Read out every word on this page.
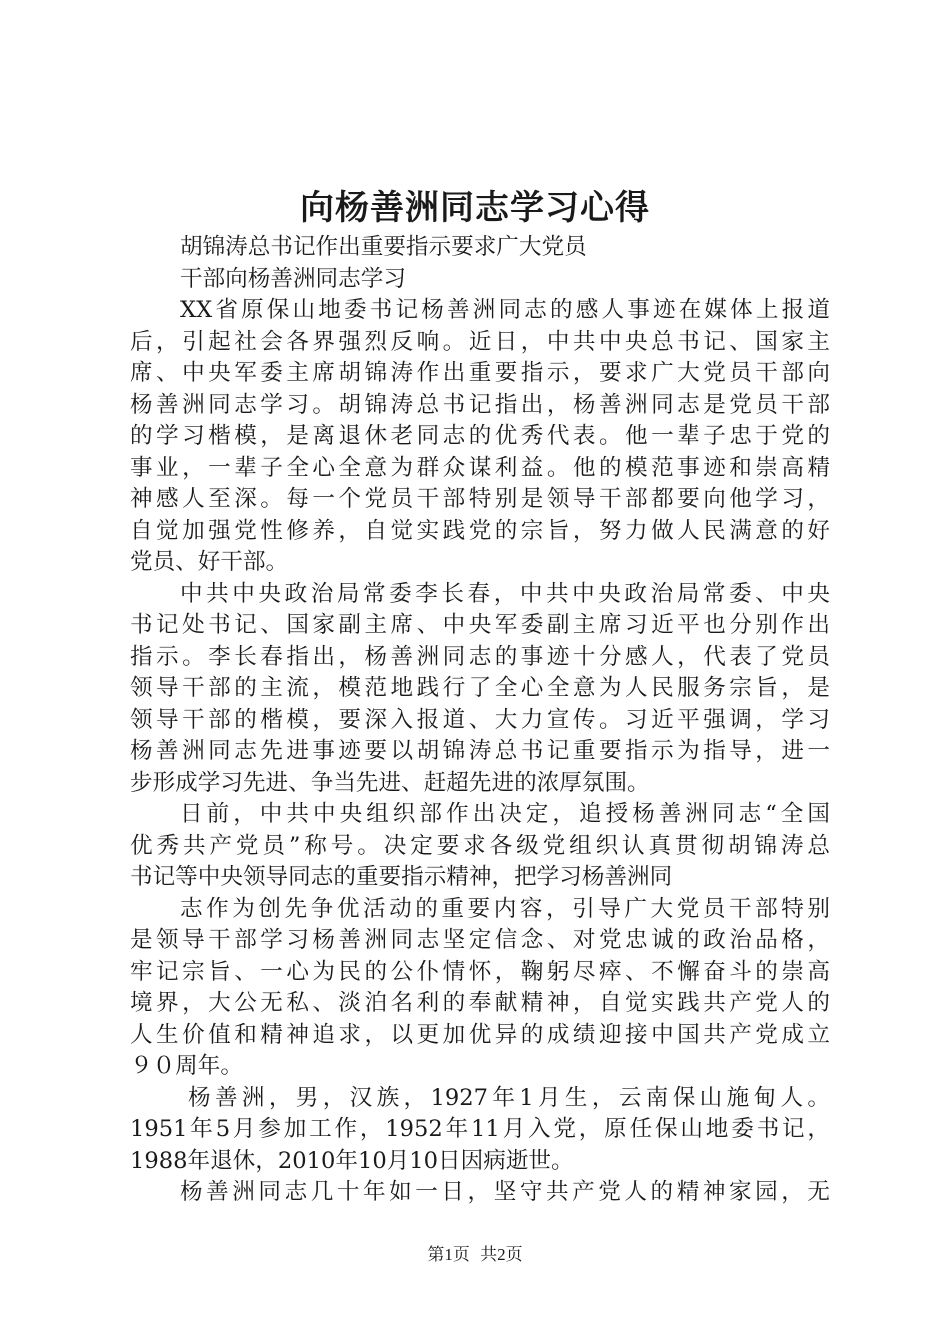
向杨善洲同志学习心得
胡锦涛总书记作出重要指示要求广大党员
干部向杨善洲同志学习
XX省原保山地委书记杨善洲同志的感人事迹在媒体上报道
后，引起社会各界强烈反响。近日，中共中央总书记、国家主
席、中央军委主席胡锦涛作出重要指示，要求广大党员干部向
杨善洲同志学习。胡锦涛总书记指出，杨善洲同志是党员干部
的学习楷模，是离退休老同志的优秀代表。他一辈子忠于党的
事业，一辈子全心全意为群众谋利益。他的模范事迹和崇高精
神感人至深。每一个党员干部特别是领导干部都要向他学习，
自觉加强党性修养，自觉实践党的宗旨，努力做人民满意的好
党员、好干部。
中共中央政治局常委李长春，中共中央政治局常委、中央
书记处书记、国家副主席、中央军委副主席习近平也分别作出
指示。李长春指出，杨善洲同志的事迹十分感人，代表了党员
领导干部的主流，模范地践行了全心全意为人民服务宗旨，是
领导干部的楷模，要深入报道、大力宣传。习近平强调，学习
杨善洲同志先进事迹要以胡锦涛总书记重要指示为指导，进一
步形成学习先进、争当先进、赶超先进的浓厚氛围。
日前，中共中央组织部作出决定，追授杨善洲同志“全国
优秀共产党员”称号。决定要求各级党组织认真贯彻胡锦涛总
书记等中央领导同志的重要指示精神，把学习杨善洲同
志作为创先争优活动的重要内容，引导广大党员干部特别
是领导干部学习杨善洲同志坚定信念、对党忠诚的政治品格，
牢记宗旨、一心为民的公仆情怀，鞠躬尽瘁、不懈奋斗的崇高
境界，大公无私、淡泊名利的奉献精神，自觉实践共产党人的
人生价值和精神追求，以更加优异的成绩迎接中国共产党成立
９０周年。
杨善洲，男，汉族，1927年1月生，云南保山施甸人。
1951年5月参加工作，1952年11月入党，原任保山地委书记，
1988年退休，2010年10月10日因病逝世。
杨善洲同志几十年如一日，坚守共产党人的精神家园，无
第1页 共2页
